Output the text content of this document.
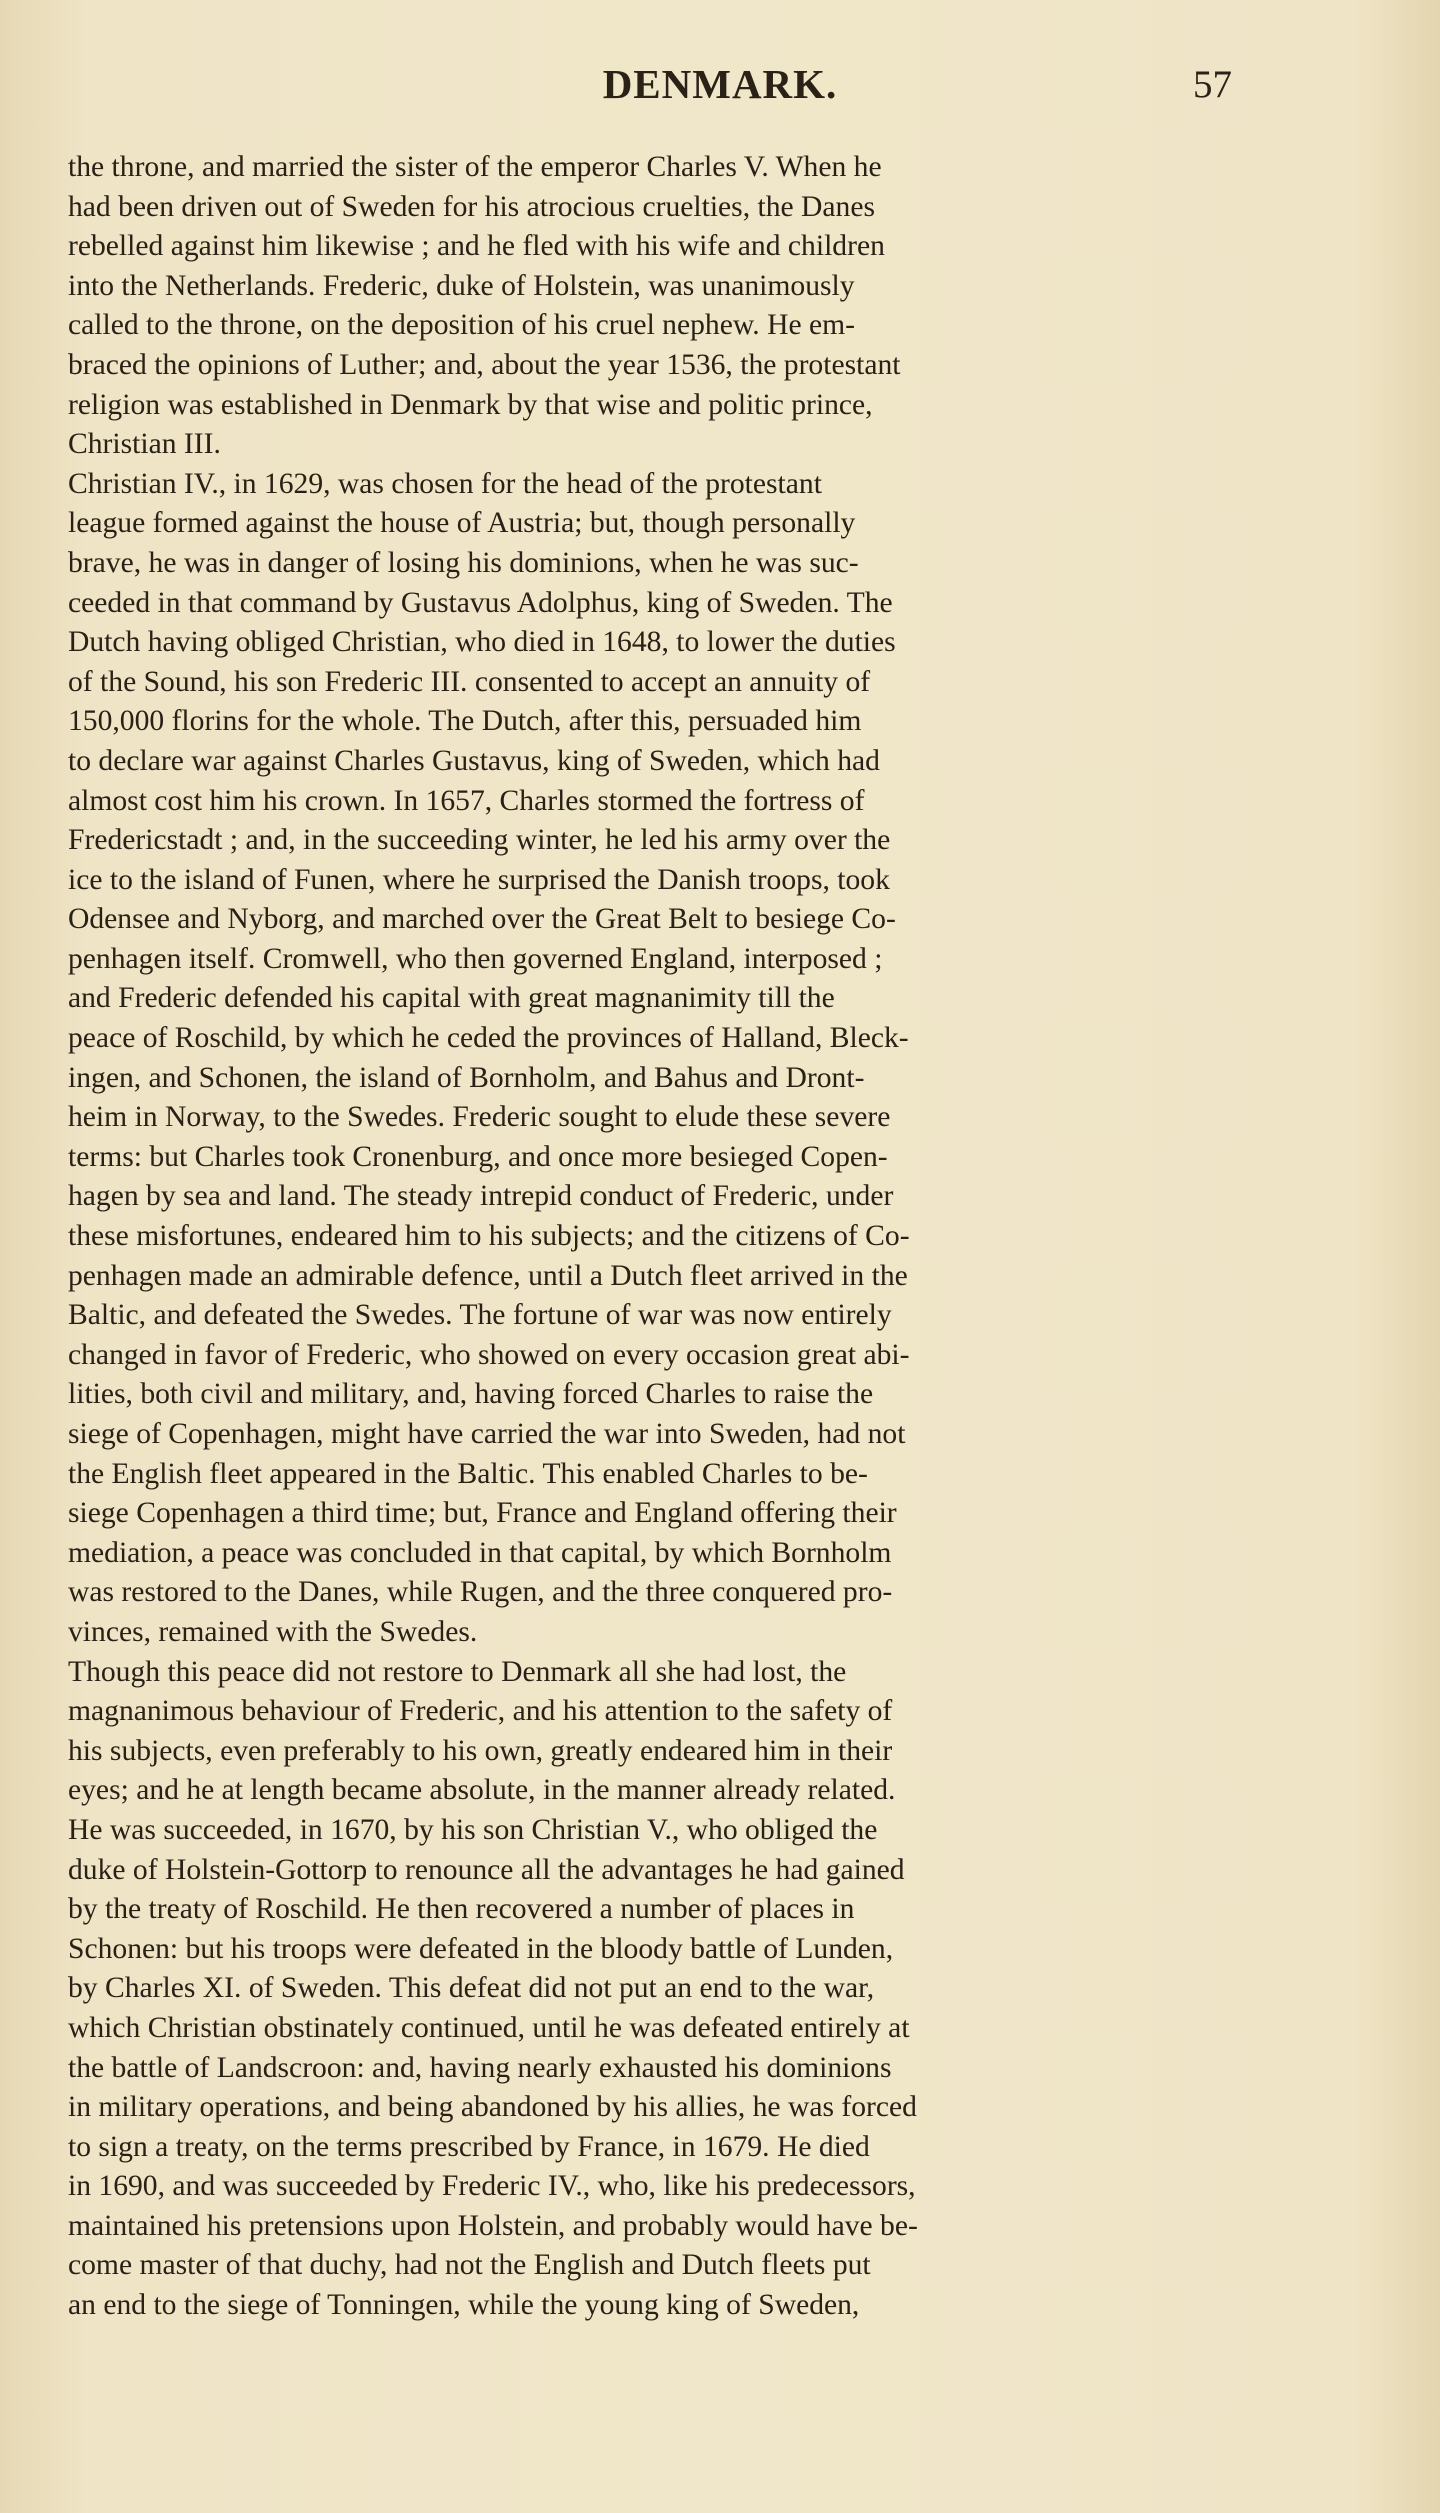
DENMARK.	57

the throne, and married the sister of the emperor Charles V. When he
had been driven out of Sweden for his atrocious cruelties, the Danes
rebelled against him likewise ; and he fled with his wife and children
into the Netherlands. Frederic, duke of Holstein, was unanimously
called to the throne, on the deposition of his cruel nephew. He em-
braced the opinions of Luther; and, about the year 1536, the protestant
religion was established in Denmark by that wise and politic prince,
Christian III.

Christian IV., in 1629, was chosen for the head of the protestant
league formed against the house of Austria; but, though personally
brave, he was in danger of losing his dominions, when he was suc-
ceeded in that command by Gustavus Adolphus, king of Sweden. The
Dutch having obliged Christian, who died in 1648, to lower the duties
of the Sound, his son Frederic III. consented to accept an annuity of
150,000 florins for the whole. The Dutch, after this, persuaded him
to declare war against Charles Gustavus, king of Sweden, which had
almost cost him his crown. In 1657, Charles stormed the fortress of
Fredericstadt ; and, in the succeeding winter, he led his army over the
ice to the island of Funen, where he surprised the Danish troops, took
Odensee and Nyborg, and marched over the Great Belt to besiege Co-
penhagen itself. Cromwell, who then governed England, interposed ;
and Frederic defended his capital with great magnanimity till the
peace of Roschild, by which he ceded the provinces of Halland, Bleck-
ingen, and Schonen, the island of Bornholm, and Bahus and Dront-
heim in Norway, to the Swedes. Frederic sought to elude these severe
terms: but Charles took Cronenburg, and once more besieged Copen-
hagen by sea and land. The steady intrepid conduct of Frederic, under
these misfortunes, endeared him to his subjects; and the citizens of Co-
penhagen made an admirable defence, until a Dutch fleet arrived in the
Baltic, and defeated the Swedes. The fortune of war was now entirely
changed in favor of Frederic, who showed on every occasion great abi-
lities, both civil and military, and, having forced Charles to raise the
siege of Copenhagen, might have carried the war into Sweden, had not
the English fleet appeared in the Baltic. This enabled Charles to be-
siege Copenhagen a third time; but, France and England offering their
mediation, a peace was concluded in that capital, by which Bornholm
was restored to the Danes, while Rugen, and the three conquered pro-
vinces, remained with the Swedes.

Though this peace did not restore to Denmark all she had lost, the
magnanimous behaviour of Frederic, and his attention to the safety of
his subjects, even preferably to his own, greatly endeared him in their
eyes; and he at length became absolute, in the manner already related.
He was succeeded, in 1670, by his son Christian V., who obliged the
duke of Holstein-Gottorp to renounce all the advantages he had gained
by the treaty of Roschild. He then recovered a number of places in
Schonen: but his troops were defeated in the bloody battle of Lunden,
by Charles XI. of Sweden. This defeat did not put an end to the war,
which Christian obstinately continued, until he was defeated entirely at
the battle of Landscroon: and, having nearly exhausted his dominions
in military operations, and being abandoned by his allies, he was forced
to sign a treaty, on the terms prescribed by France, in 1679. He died
in 1690, and was succeeded by Frederic IV., who, like his predecessors,
maintained his pretensions upon Holstein, and probably would have be-
come master of that duchy, had not the English and Dutch fleets put
an end to the siege of Tonningen, while the young king of Sweden,
